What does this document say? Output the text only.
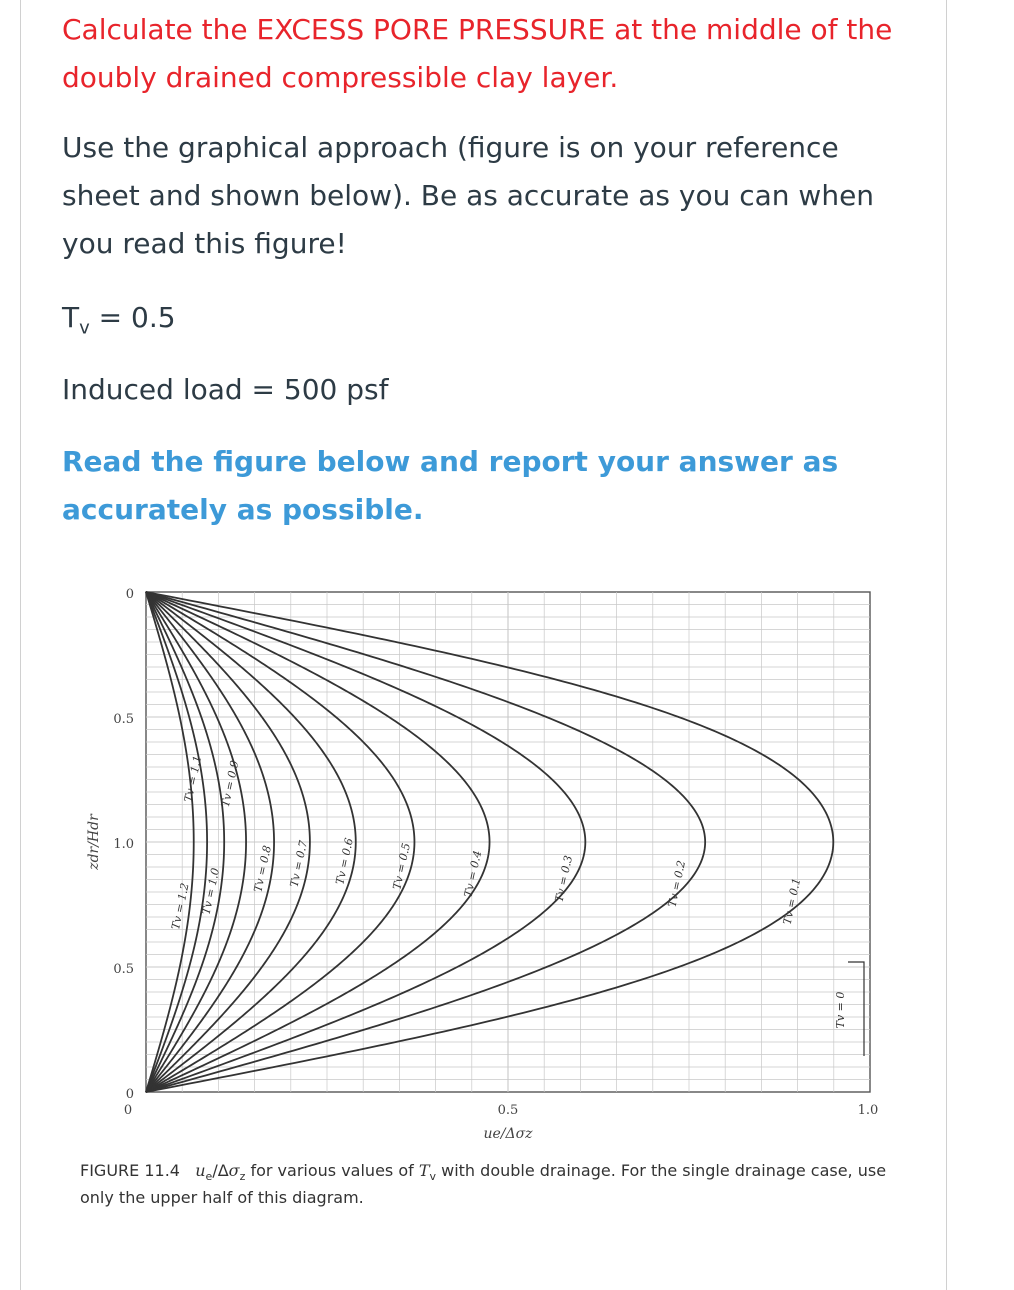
Calculate the EXCESS PORE PRESSURE at the middle of the doubly drained compressible clay layer.

Use the graphical approach (figure is on your reference sheet and shown below). Be as accurate as you can when you read this figure!

$T_v = 0.5$

Induced load = 500 psf

Read the figure below and report your answer as accurately as possible.

Tv = 0.1
Tv = 0.2
Tv = 0.3
Tv = 0.4
Tv = 0.5
Tv = 0.6
Tv = 0.7
Tv = 0.8
Tv = 0.9
Tv = 1.0
Tv = 1.1
Tv = 1.2
Tv = 0
0
0.5
1.0
0.5
0
0	0.5	1.0
ue/Δσz
zdr/Hdr

FIGURE 11.4 $u_e/\Delta\sigma_z$ for various values of $T_v$ with double drainage. For the single drainage case, use only the upper half of this diagram.
